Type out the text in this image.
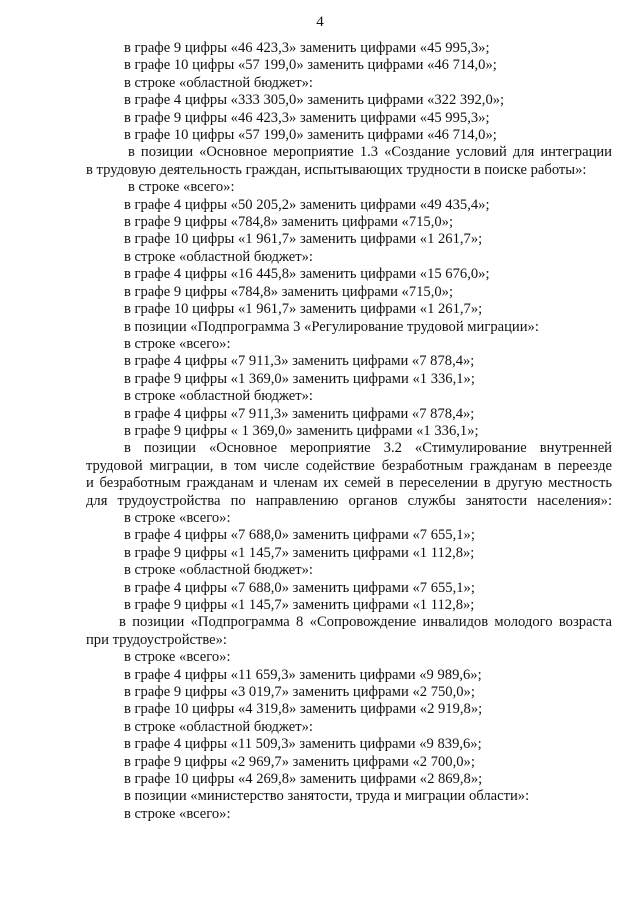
4
в графе 9 цифры «46 423,3» заменить цифрами «45 995,3»;
в графе 10 цифры «57 199,0» заменить цифрами «46 714,0»;
в строке «областной бюджет»:
в графе 4 цифры «333 305,0» заменить цифрами «322 392,0»;
в графе 9 цифры «46 423,3» заменить цифрами «45 995,3»;
в графе 10 цифры «57 199,0» заменить цифрами «46 714,0»;
в позиции «Основное мероприятие 1.3 «Создание условий для интеграции
в трудовую деятельность граждан, испытывающих трудности в поиске работы»:
в строке «всего»:
в графе 4 цифры «50 205,2» заменить цифрами «49 435,4»;
в графе 9 цифры «784,8» заменить цифрами «715,0»;
в графе 10 цифры «1 961,7» заменить цифрами «1 261,7»;
в строке «областной бюджет»:
в графе 4 цифры «16 445,8» заменить цифрами «15 676,0»;
в графе 9 цифры «784,8» заменить цифрами «715,0»;
в графе 10 цифры «1 961,7» заменить цифрами «1 261,7»;
в позиции «Подпрограмма 3 «Регулирование трудовой миграции»:
в строке «всего»:
в графе 4 цифры «7 911,3» заменить цифрами «7 878,4»;
в графе 9 цифры «1 369,0» заменить цифрами «1 336,1»;
в строке «областной бюджет»:
в графе 4 цифры «7 911,3» заменить цифрами «7 878,4»;
в графе 9 цифры « 1 369,0» заменить цифрами «1 336,1»;
в позиции «Основное мероприятие 3.2 «Стимулирование внутренней
трудовой миграции, в том числе содействие безработным гражданам в переезде
и безработным гражданам и членам их семей в переселении в другую местность
для трудоустройства по направлению органов службы занятости населения»:
в строке «всего»:
в графе 4 цифры «7 688,0» заменить цифрами «7 655,1»;
в графе 9 цифры «1 145,7» заменить цифрами «1 112,8»;
в строке «областной бюджет»:
в графе 4 цифры «7 688,0» заменить цифрами «7 655,1»;
в графе 9 цифры «1 145,7» заменить цифрами «1 112,8»;
в позиции «Подпрограмма 8 «Сопровождение инвалидов молодого возраста
при трудоустройстве»:
в строке «всего»:
в графе 4 цифры «11 659,3» заменить цифрами «9 989,6»;
в графе 9 цифры «3 019,7» заменить цифрами «2 750,0»;
в графе 10 цифры «4 319,8» заменить цифрами «2 919,8»;
в строке «областной бюджет»:
в графе 4 цифры «11 509,3» заменить цифрами «9 839,6»;
в графе 9 цифры «2 969,7» заменить цифрами «2 700,0»;
в графе 10 цифры «4 269,8» заменить цифрами «2 869,8»;
в позиции «министерство занятости, труда и миграции области»:
в строке «всего»:
